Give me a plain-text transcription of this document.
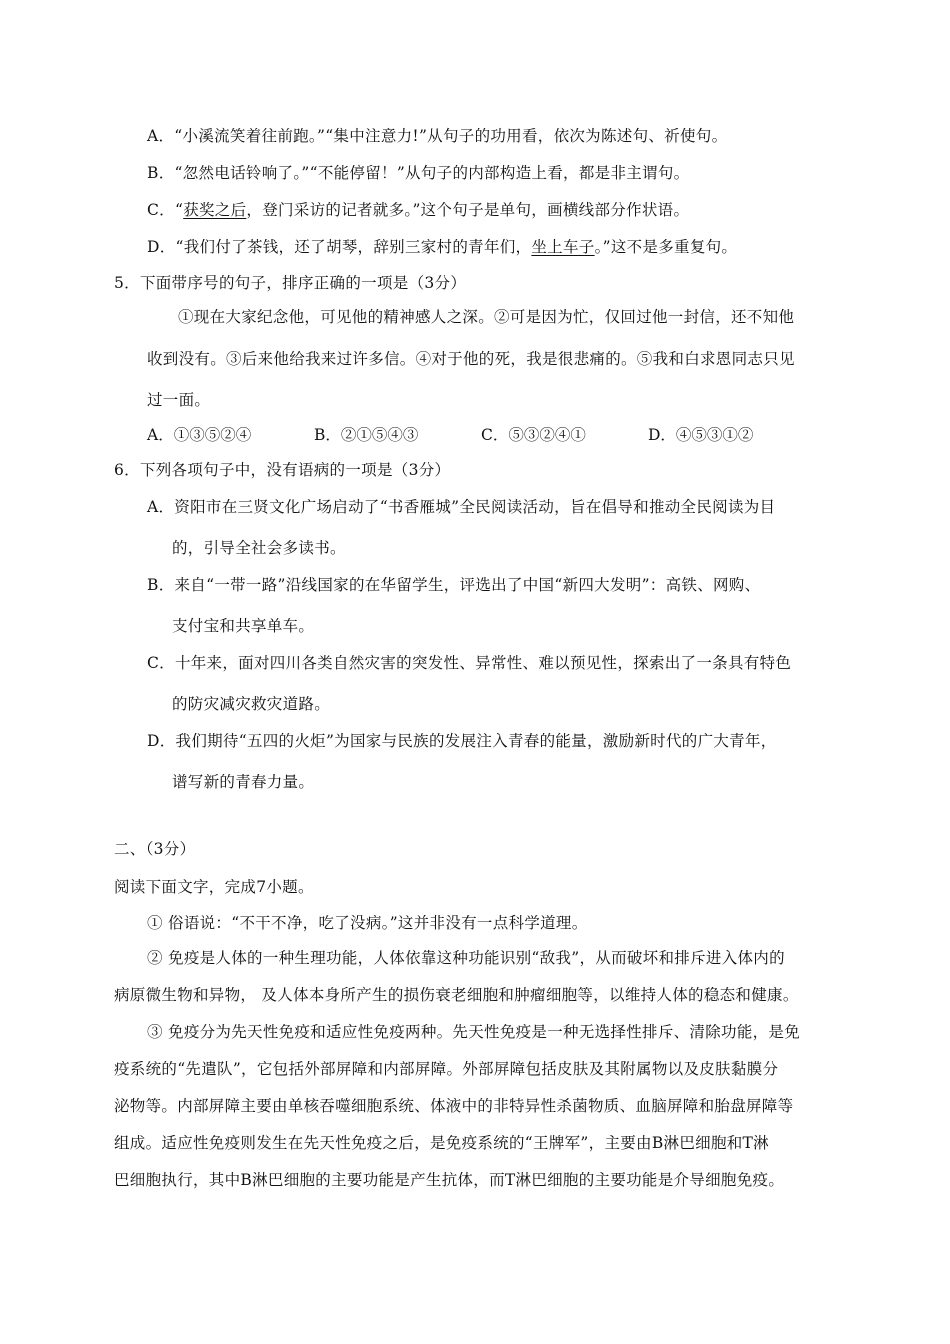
A．“小溪流笑着往前跑。”“集中注意力!”从句子的功用看，依次为陈述句、祈使句。
B．“忽然电话铃响了。”“不能停留！”从句子的内部构造上看，都是非主谓句。
C．“获奖之后，登门采访的记者就多。”这个句子是单句，画横线部分作状语。
D．“我们付了茶钱，还了胡琴，辞别三家村的青年们，坐上车子。”这不是多重复句。
5．下面带序号的句子，排序正确的一项是（3分）
①现在大家纪念他，可见他的精神感人之深。②可是因为忙，仅回过他一封信，还不知他
收到没有。③后来他给我来过许多信。④对于他的死，我是很悲痛的。⑤我和白求恩同志只见
过一面。
A．①③⑤②④	B．②①⑤④③	C．⑤③②④①	D．④⑤③①②
6．下列各项句子中，没有语病的一项是（3分）
A．资阳市在三贤文化广场启动了“书香雁城”全民阅读活动，旨在倡导和推动全民阅读为目
的，引导全社会多读书。
B．来自“一带一路”沿线国家的在华留学生，评选出了中国“新四大发明”：高铁、网购、
支付宝和共享单车。
C．十年来，面对四川各类自然灾害的突发性、异常性、难以预见性，探索出了一条具有特色
的防灾减灾救灾道路。
D．我们期待“五四的火炬”为国家与民族的发展注入青春的能量，激励新时代的广大青年，
谱写新的青春力量。
二、（3分）
阅读下面文字，完成7小题。
① 俗语说：“不干不净，吃了没病。”这并非没有一点科学道理。
② 免疫是人体的一种生理功能，人体依靠这种功能识别“敌我”，从而破坏和排斥进入体内的
病原微生物和异物， 及人体本身所产生的损伤衰老细胞和肿瘤细胞等，以维持人体的稳态和健康。
③ 免疫分为先天性免疫和适应性免疫两种。先天性免疫是一种无选择性排斥、清除功能，是免
疫系统的“先遣队”，它包括外部屏障和内部屏障。外部屏障包括皮肤及其附属物以及皮肤黏膜分
泌物等。内部屏障主要由单核吞噬细胞系统、体液中的非特异性杀菌物质、血脑屏障和胎盘屏障等
组成。适应性免疫则发生在先天性免疫之后，是免疫系统的“王牌军”，主要由B淋巴细胞和T淋
巴细胞执行，其中B淋巴细胞的主要功能是产生抗体，而T淋巴细胞的主要功能是介导细胞免疫。
